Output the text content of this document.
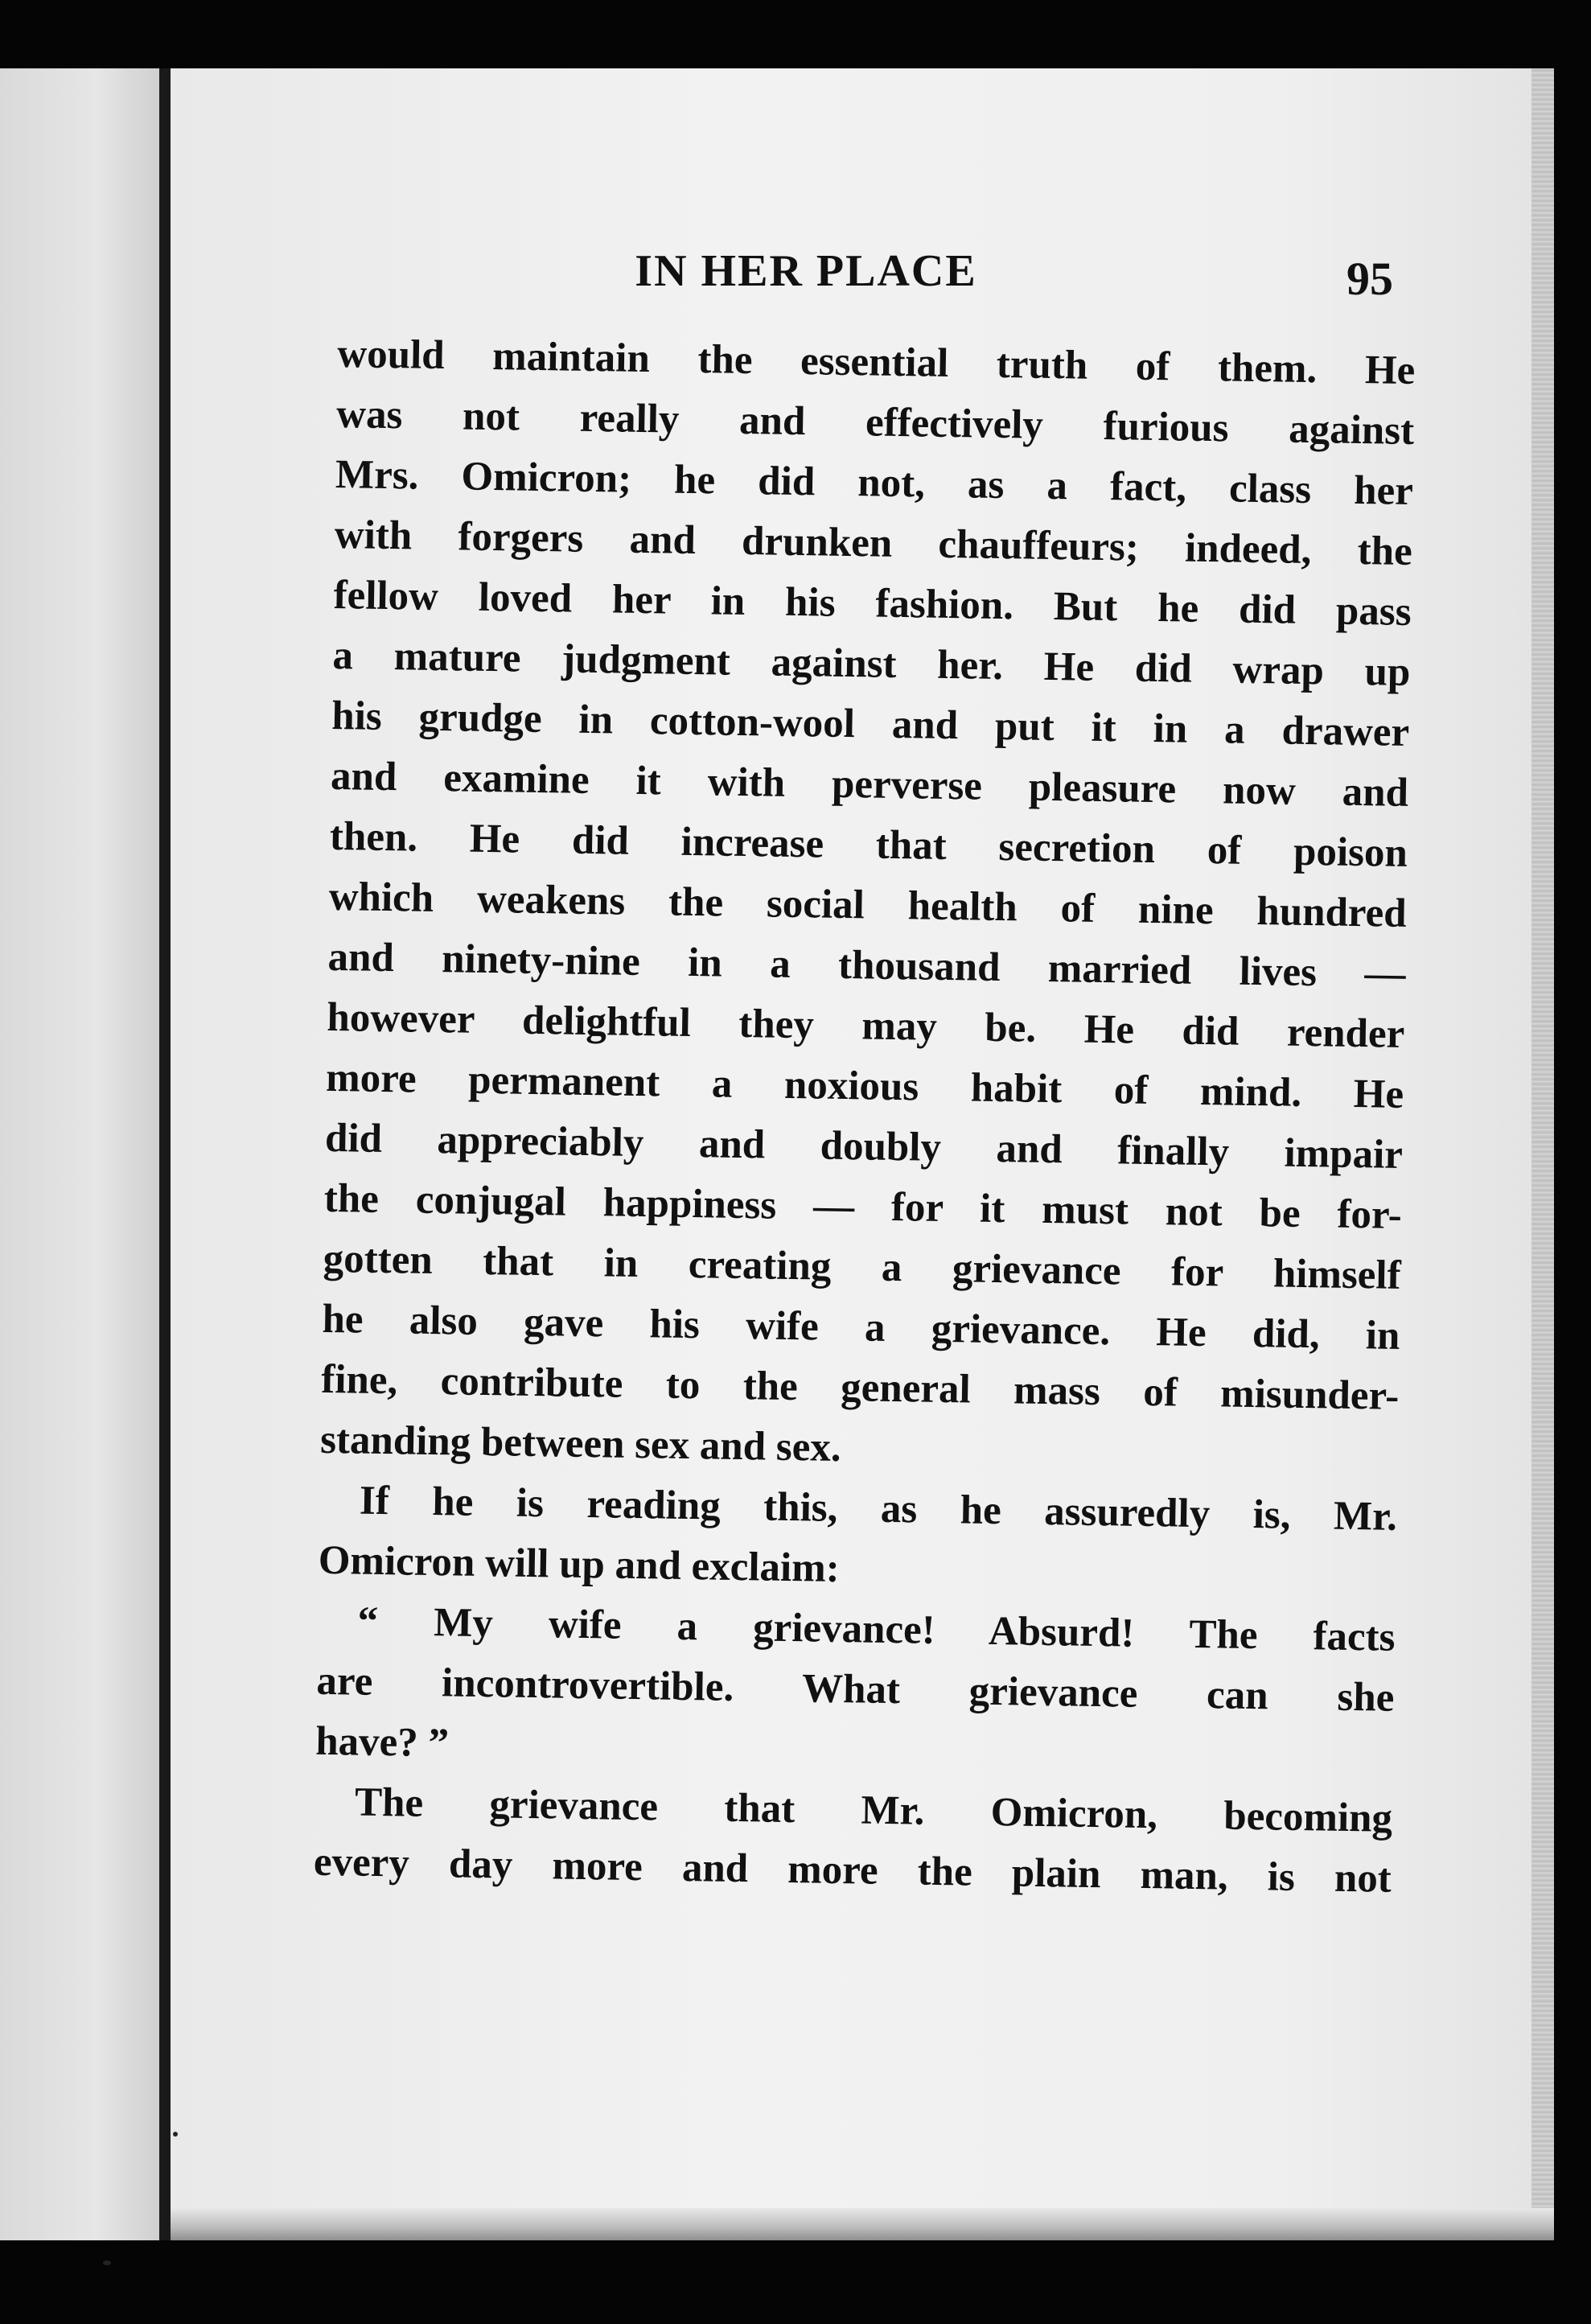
IN HER PLACE	95

would maintain the essential truth of them. He
was not really and effectively furious against
Mrs. Omicron; he did not, as a fact, class her
with forgers and drunken chauffeurs; indeed, the
fellow loved her in his fashion. But he did pass
a mature judgment against her. He did wrap up
his grudge in cotton-wool and put it in a drawer
and examine it with perverse pleasure now and
then. He did increase that secretion of poison
which weakens the social health of nine hundred
and ninety-nine in a thousand married lives —
however delightful they may be. He did render
more permanent a noxious habit of mind. He
did appreciably and doubly and finally impair
the conjugal happiness — for it must not be for-
gotten that in creating a grievance for himself
he also gave his wife a grievance. He did, in
fine, contribute to the general mass of misunder-
standing between sex and sex.

If he is reading this, as he assuredly is, Mr.
Omicron will up and exclaim:

“ My wife a grievance! Absurd! The facts
are incontrovertible. What grievance can she
have? ”

The grievance that Mr. Omicron, becoming
every day more and more the plain man, is not
